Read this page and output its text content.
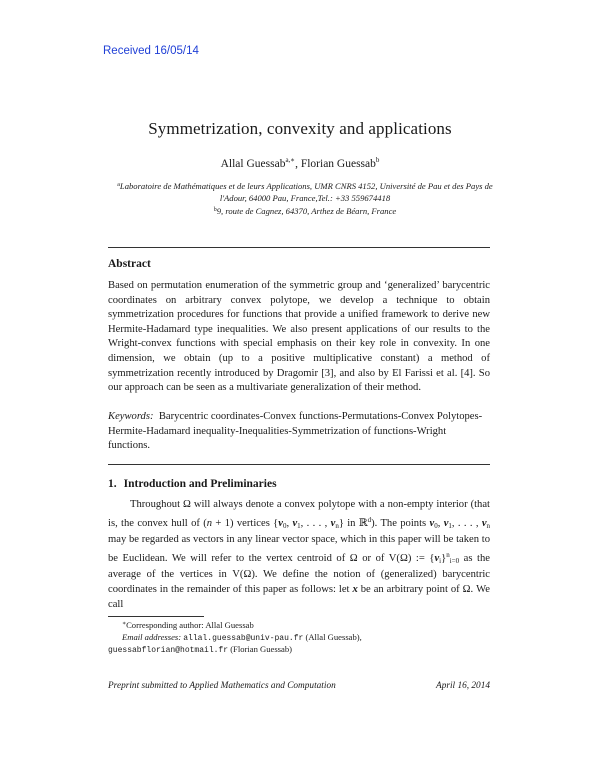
Received 16/05/14
Symmetrization, convexity and applications
Allal Guessab$^{a,∗}$, Florian Guessab$^b$

$^a$Laboratoire de Mathématiques et de leurs Applications, UMR CNRS 4152, Université de Pau et des Pays de l'Adour, 64000 Pau, France,Tel.: +33 559674418

$^b$9, route de Cagnez, 64370, Arthez de Béarn, France

Abstract

Based on permutation enumeration of the symmetric group and ‘generalized’ barycentric coordinates on arbitrary convex polytope, we develop a technique to obtain symmetrization procedures for functions that provide a unified framework to derive new Hermite-Hadamard type inequalities. We also present applications of our results to the Wright-convex functions with special emphasis on their key role in convexity. In one dimension, we obtain (up to a positive multiplicative constant) a method of symmetrization recently introduced by Dragomir [3], and also by El Farissi et al. [4]. So our approach can be seen as a multivariate generalization of their method.

Keywords: Barycentric coordinates-Convex functions-Permutations-Convex Polytopes-Hermite-Hadamard inequality-Inequalities-Symmetrization of functions-Wright functions.
1. Introduction and Preliminaries

Throughout Ω will always denote a convex polytope with a non-empty interior (that is, the convex hull of (n + 1) vertices {$v_0$, $v_1$, . . . , $v_n$} in ℝ$^d$). The points $v_0$, $v_1$, . . . , $v_n$ may be regarded as vectors in any linear vector space, which in this paper will be taken to be Euclidean. We will refer to the vertex centroid of Ω or of V(Ω) := $\{v_i\}^n_{i=0}$ as the average of the vertices in V(Ω). We define the notion of (generalized) barycentric coordinates in the remainder of this paper as follows: let x be an arbitrary point of Ω. We call

∗Corresponding author: Allal Guessab

Email addresses: allal.guessab@univ-pau.fr (Allal Guessab),

guessabflorian@hotmail.fr (Florian Guessab)

Preprint submitted to Applied Mathematics and Computation	April 16, 2014
